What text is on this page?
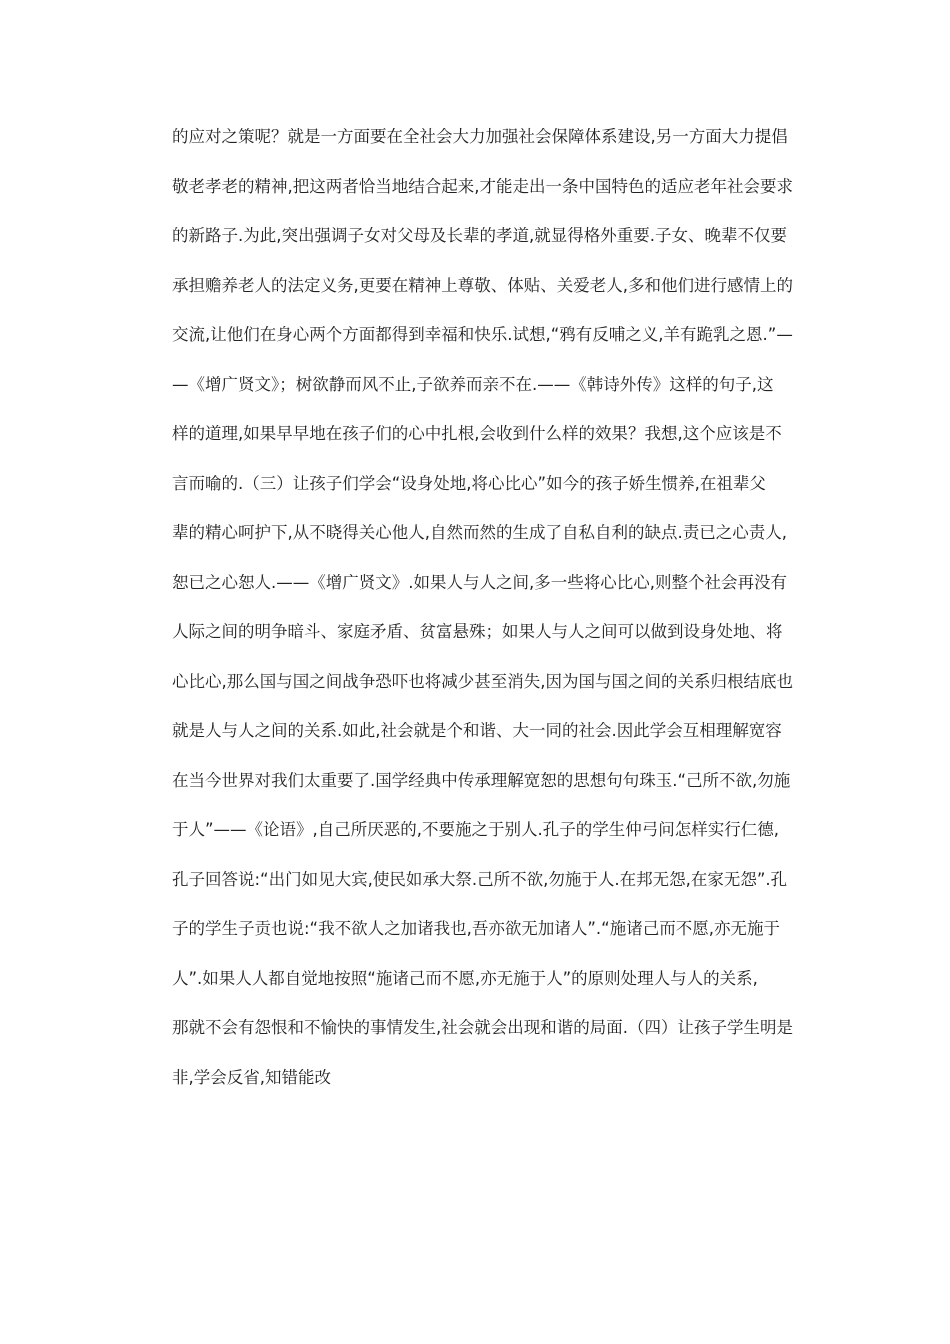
的应对之策呢？就是一方面要在全社会大力加强社会保障体系建设,另一方面大力提倡
敬老孝老的精神,把这两者恰当地结合起来,才能走出一条中国特色的适应老年社会要求
的新路子.为此,突出强调子女对父母及长辈的孝道,就显得格外重要.子女、晚辈不仅要
承担赡养老人的法定义务,更要在精神上尊敬、体贴、关爱老人,多和他们进行感情上的
交流,让他们在身心两个方面都得到幸福和快乐.试想,“鸦有反哺之义,羊有跪乳之恩.”—
—《增广贤文》；树欲静而风不止,子欲养而亲不在.——《韩诗外传》这样的句子,这
样的道理,如果早早地在孩子们的心中扎根,会收到什么样的效果？我想,这个应该是不
言而喻的.（三）让孩子们学会“设身处地,将心比心”如今的孩子娇生惯养,在祖辈父
辈的精心呵护下,从不晓得关心他人,自然而然的生成了自私自利的缺点.责已之心责人,
恕已之心恕人.——《增广贤文》.如果人与人之间,多一些将心比心,则整个社会再没有
人际之间的明争暗斗、家庭矛盾、贫富悬殊；如果人与人之间可以做到设身处地、将
心比心,那么国与国之间战争恐吓也将减少甚至消失,因为国与国之间的关系归根结底也
就是人与人之间的关系.如此,社会就是个和谐、大一同的社会.因此学会互相理解宽容
在当今世界对我们太重要了.国学经典中传承理解宽恕的思想句句珠玉.“己所不欲,勿施
于人”——《论语》,自己所厌恶的,不要施之于别人.孔子的学生仲弓问怎样实行仁德,
孔子回答说:“出门如见大宾,使民如承大祭.己所不欲,勿施于人.在邦无怨,在家无怨”.孔
子的学生子贡也说:“我不欲人之加诸我也,吾亦欲无加诸人”.“施诸己而不愿,亦无施于
人”.如果人人都自觉地按照“施诸己而不愿,亦无施于人”的原则处理人与人的关系,
那就不会有怨恨和不愉快的事情发生,社会就会出现和谐的局面.（四）让孩子学生明是
非,学会反省,知错能改
